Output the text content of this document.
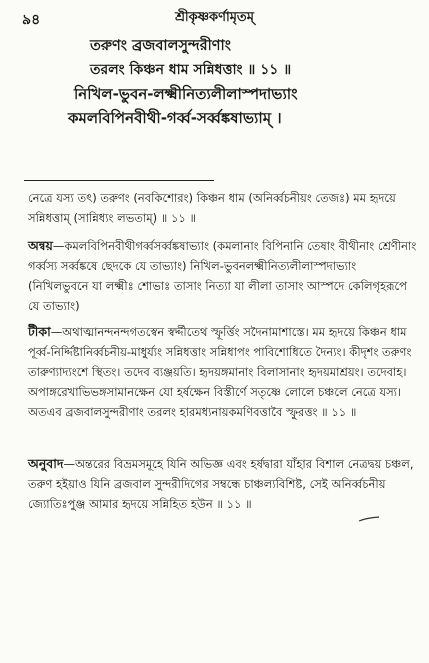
৯৪	শ্রীকৃষ্ণকর্ণামৃতম্‌
তরুণং ব্রজবালসুন্দরীণাং
তরলং কিঞ্চন ধাম সন্নিধত্তাং ॥ ১১ ॥
নিখিল-ভুবন-লক্ষ্মীনিত্যলীলাস্পদাভ্যাং
কমলবিপিনবীথী-গর্ব্ব-সর্ব্বঙ্কষাভ্যাম্‌ ।

নেত্রে যস্য তৎ) তরুণং (নবকিশোরং) কিঞ্চন ধাম (অনির্ব্বচনীয়ং তেজঃ) মম হৃদয়ে সন্নিধত্তাম্‌ (সান্নিধ্যং লভতাম্‌) ॥ ১১ ॥

অন্বয়—কমলবিপিনবীথীগর্ব্বসর্ব্বঙ্কষাভ্যাং (কমলানাং বিপিনানি তেষাং বীথীনাং শ্রেণীনাং গর্ব্বস্য সর্ব্বঙ্কষে ছেদকে যে তাভ্যাং) নিখিল-ভুবনলক্ষ্মীনিত্যলীলাস্পদাভ্যাং (নিখিলভুবনে যা লক্ষ্মীঃ শোভাঃ তাসাং নিত্যা যা লীলা তাসাং আস্পদে কেলিগৃহরূপে যে তাভ্যাং)

টীকা—অথাত্মানন্দনন্দগতস্বেন স্বর্দ্দীতেথ স্ফূর্ত্তিং সদৈনামাশাস্তে। মম হৃদয়ে কিঞ্চন ধাম পূর্ব্ব-নির্দ্দিষ্টানির্ব্বচনীয়-মাধুর্য্যং সন্নিধত্তাং সন্নিধাপং পাবিশোধিতে দৈন্যং। কীদৃশং তরুণং তারুণ্যাদ্যংশে স্থিতং। তদেব ব্যঞ্জয়তি। হৃদয়ঙ্গমানাং বিলাসানাং হৃদয়মাশ্রয়ং। তদেবাহ। অপাঙ্গরেখাভিভঙ্গসামানক্ষেন যো হর্ষক্ষেন বিস্তীর্ণে সতৃষ্ণে লোলে চঞ্চলে নেত্রে যস্য। অতএব ব্রজবালসুন্দরীণাং তরলং হারমধ্যনায়কমণিবত্তাবৈ স্ফুরত্তং ॥ ১১ ॥

অনুবাদ—অন্তরের বিভ্রমসমূহে যিনি অভিজ্ঞ এবং হর্ষদ্বারা যাঁহার বিশাল নেত্রদ্বয় চঞ্চল, তরুণ হইয়াও যিনি ব্রজবাল সুন্দরীদিগের সম্বন্ধে চাঞ্চল্যবিশিষ্ট, সেই অনির্ব্বচনীয় জ্যোতিঃপুঞ্জ আমার হৃদয়ে সন্নিহিত হউন ॥ ১১ ॥
